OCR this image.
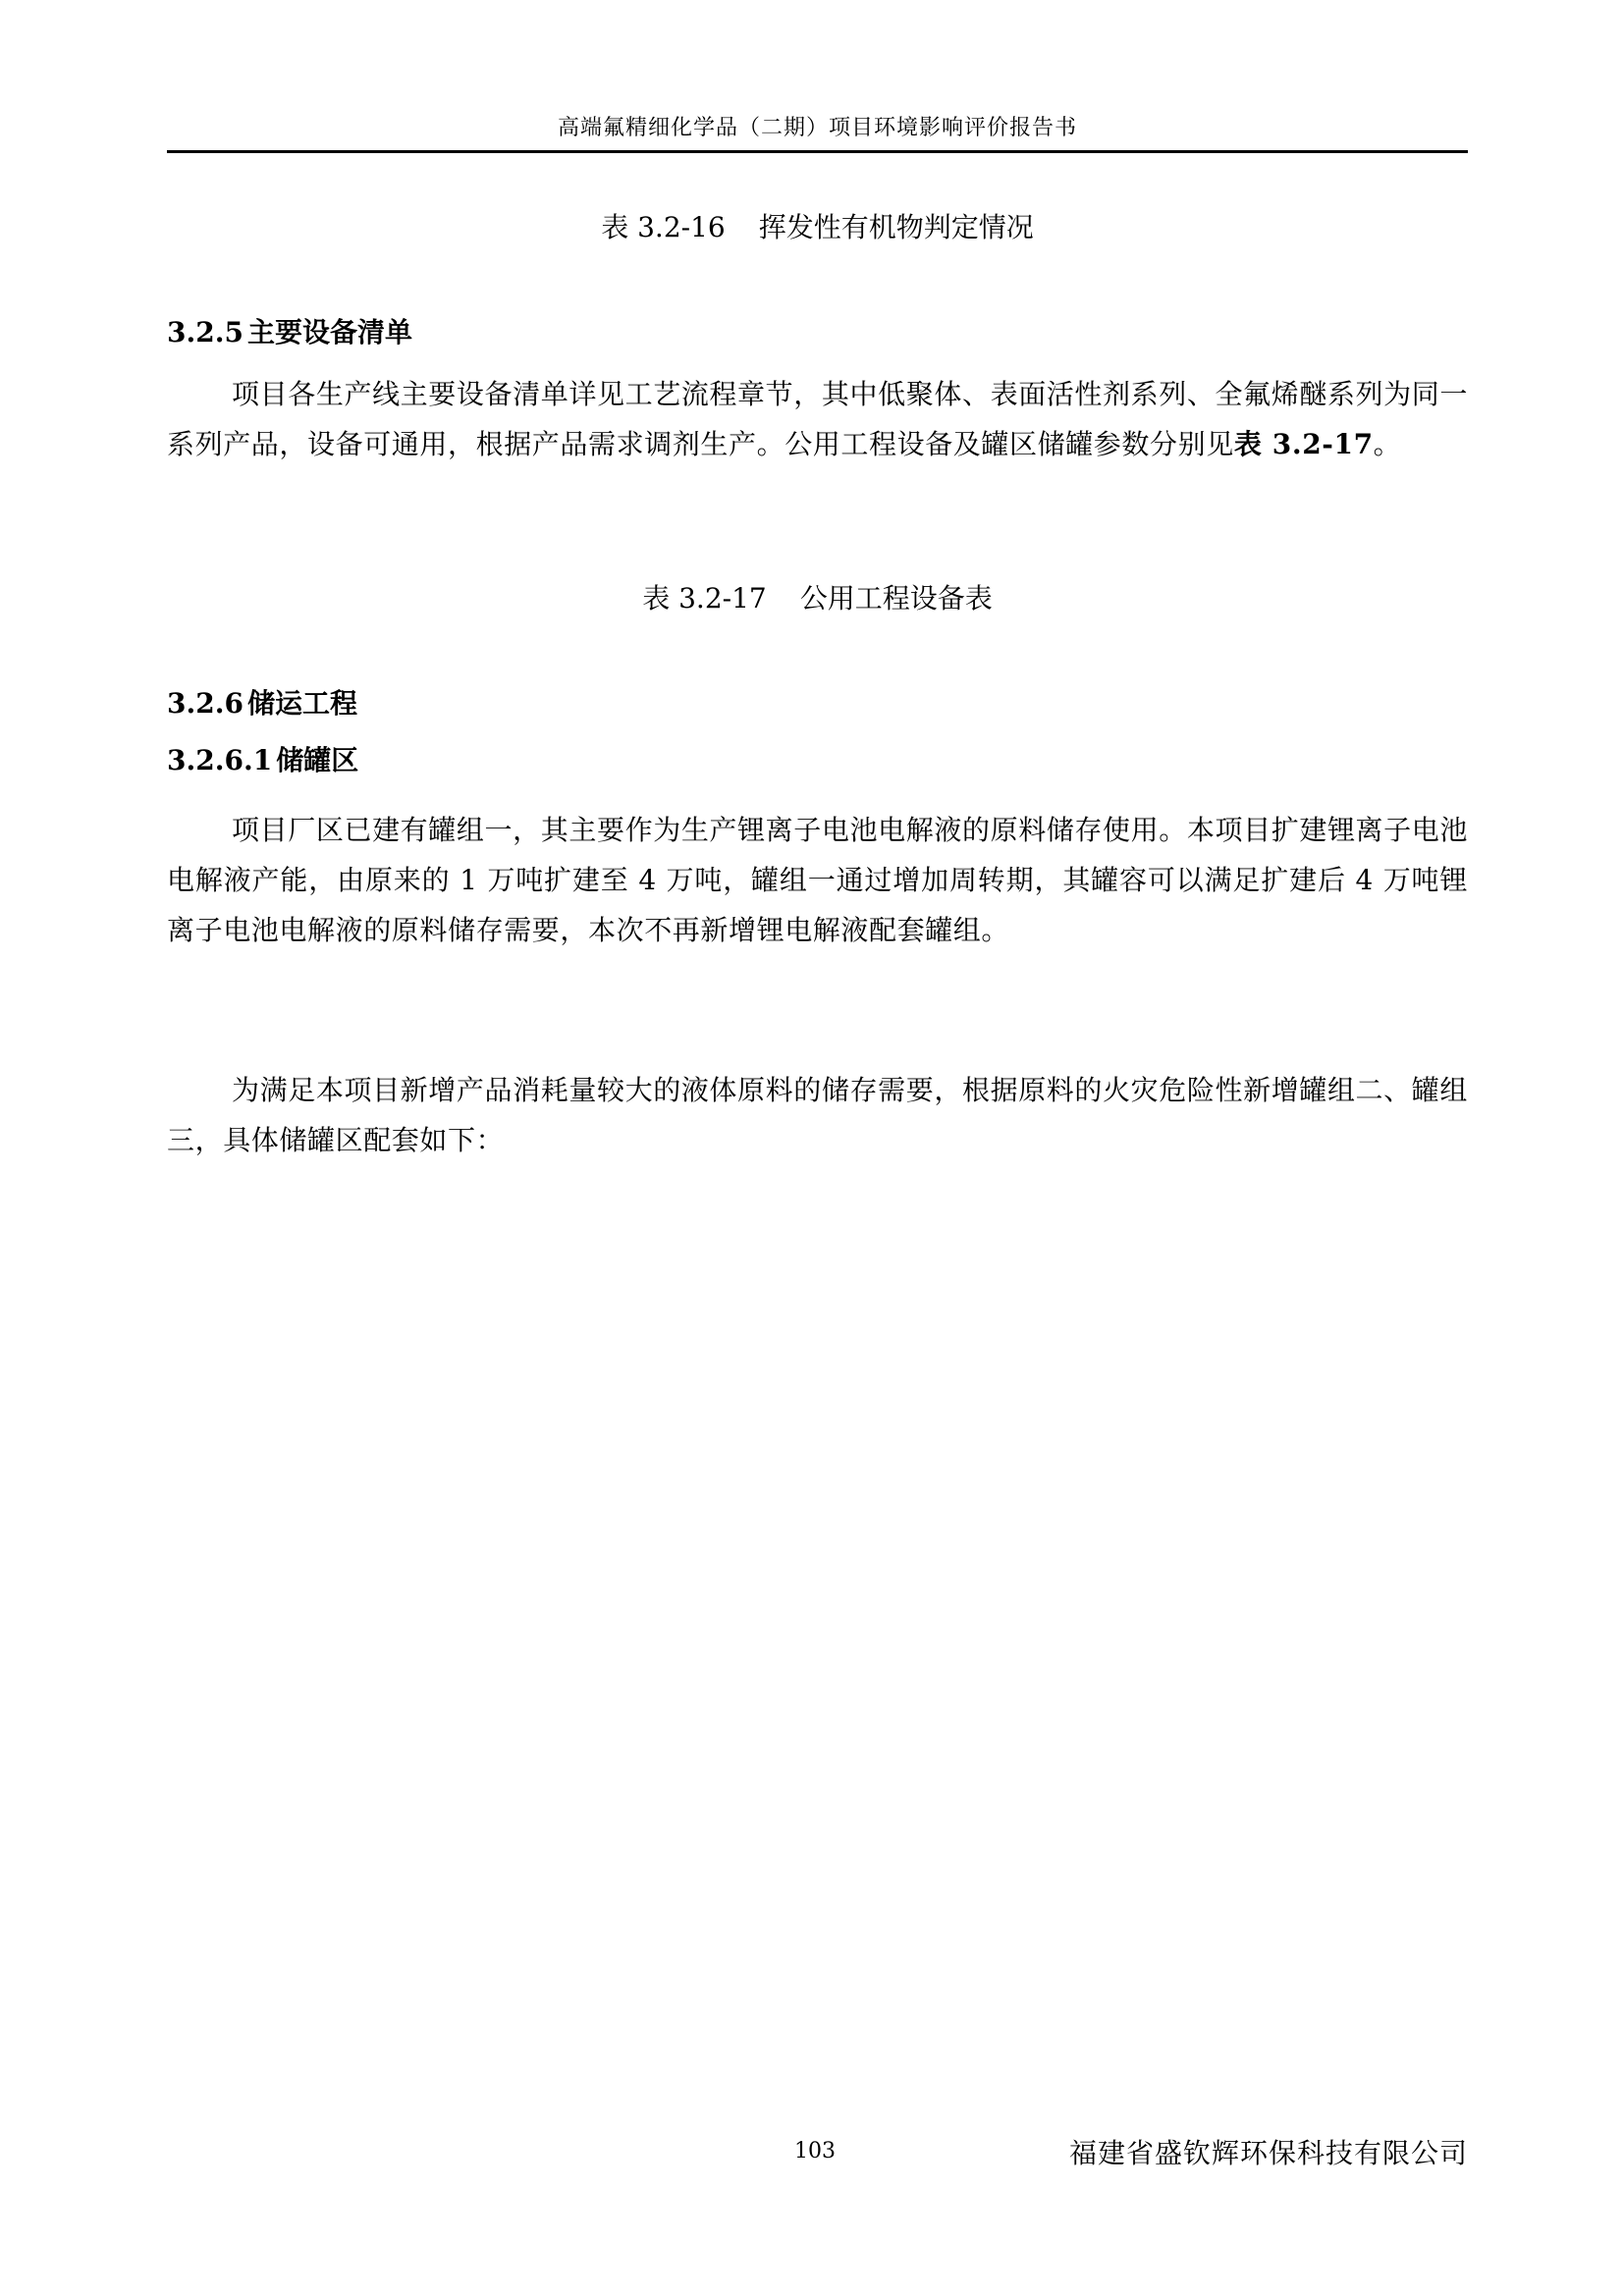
高端氟精细化学品（二期）项目环境影响评价报告书
表 3.2-16 挥发性有机物判定情况
3.2.5 主要设备清单
项目各生产线主要设备清单详见工艺流程章节，其中低聚体、表面活性剂系列、全氟烯醚系列为同一系列产品，设备可通用，根据产品需求调剂生产。公用工程设备及罐区储罐参数分别见表 3.2-17。
表 3.2-17 公用工程设备表
3.2.6 储运工程
3.2.6.1 储罐区
项目厂区已建有罐组一，其主要作为生产锂离子电池电解液的原料储存使用。本项目扩建锂离子电池电解液产能，由原来的 1 万吨扩建至 4 万吨，罐组一通过增加周转期，其罐容可以满足扩建后 4 万吨锂离子电池电解液的原料储存需要，本次不再新增锂电解液配套罐组。
为满足本项目新增产品消耗量较大的液体原料的储存需要，根据原料的火灾危险性新增罐组二、罐组三，具体储罐区配套如下：
103	福建省盛钦辉环保科技有限公司
